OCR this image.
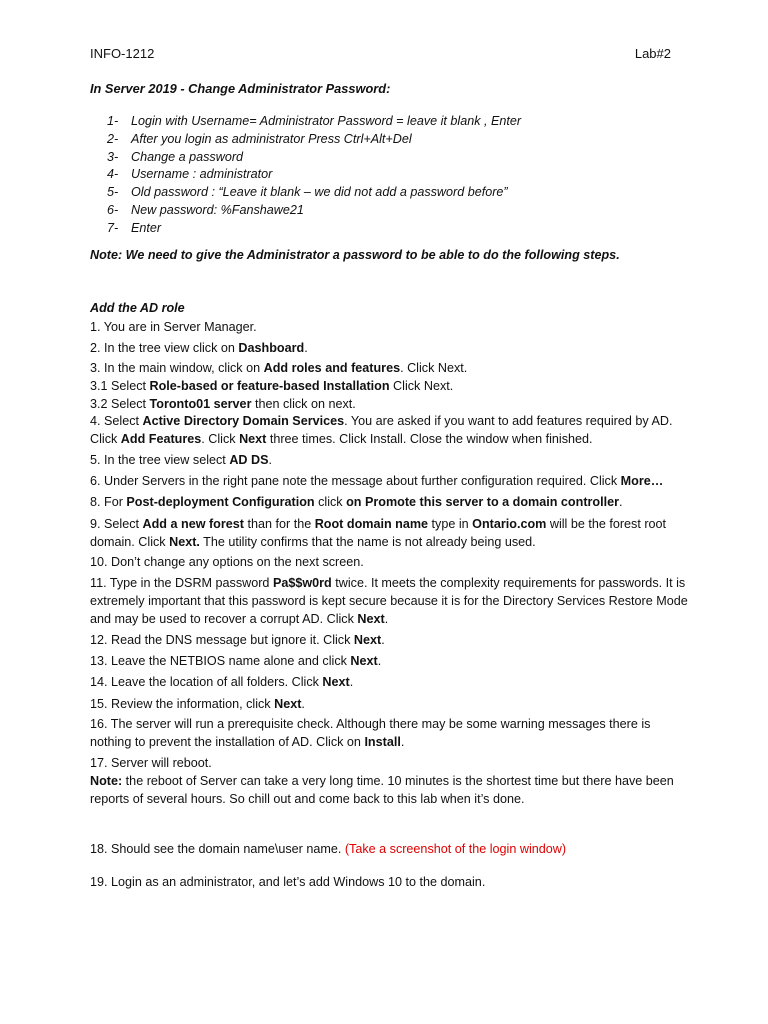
INFO-1212	Lab#2
In Server 2019 - Change Administrator Password:
1- Login with Username= Administrator Password = leave it blank , Enter
2- After you login as administrator Press Ctrl+Alt+Del
3- Change a password
4- Username : administrator
5- Old password : “Leave it blank – we did not add a password before”
6- New password: %Fanshawe21
7- Enter
Note: We need to give the Administrator a password to be able to do the following steps.
Add the AD role

1. You are in Server Manager.

2. In the tree view click on Dashboard.

3. In the main window, click on Add roles and features. Click Next.

3.1 Select Role-based or feature-based Installation Click Next.

3.2 Select Toronto01 server then click on next.

4. Select Active Directory Domain Services. You are asked if you want to add features required by AD. Click Add Features. Click Next three times. Click Install. Close the window when finished.

5. In the tree view select AD DS.

6. Under Servers in the right pane note the message about further configuration required. Click More…

8. For Post-deployment Configuration click on Promote this server to a domain controller.

9. Select Add a new forest than for the Root domain name type in Ontario.com will be the forest root domain. Click Next. The utility confirms that the name is not already being used.

10. Don’t change any options on the next screen.

11. Type in the DSRM password Pa$$w0rd twice. It meets the complexity requirements for passwords. It is extremely important that this password is kept secure because it is for the Directory Services Restore Mode and may be used to recover a corrupt AD. Click Next.

12. Read the DNS message but ignore it. Click Next.

13. Leave the NETBIOS name alone and click Next.

14. Leave the location of all folders. Click Next.

15. Review the information, click Next.

16. The server will run a prerequisite check. Although there may be some warning messages there is nothing to prevent the installation of AD. Click on Install.

17. Server will reboot.

Note: the reboot of Server can take a very long time. 10 minutes is the shortest time but there have been reports of several hours. So chill out and come back to this lab when it’s done.

18. Should see the domain name\user name. (Take a screenshot of the login window)

19. Login as an administrator, and let’s add Windows 10 to the domain.
